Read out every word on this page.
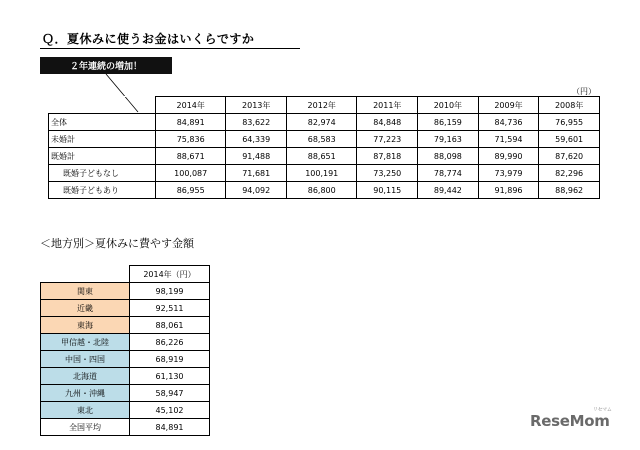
Ｑ．夏休みに使うお金はいくらですか
２年連続の増加！
（円）
	2014年	2013年	2012年	2011年	2010年	2009年	2008年
全体	84,891	83,622	82,974	84,848	86,159	84,736	76,955
未婚計	75,836	64,339	68,583	77,223	79,163	71,594	59,601
既婚計	88,671	91,488	88,651	87,818	88,098	89,990	87,620
既婚子どもなし	100,087	71,681	100,191	73,250	78,774	73,979	82,296
既婚子どもあり	86,955	94,092	86,800	90,115	89,442	91,896	88,962
＜地方別＞夏休みに費やす金額
	2014年（円）
関東	98,199
近畿	92,511
東海	88,061
甲信越・北陸	86,226
中国・四国	68,919
北海道	61,130
九州・沖縄	58,947
東北	45,102
全国平均	84,891	ReseMom
リセマム
